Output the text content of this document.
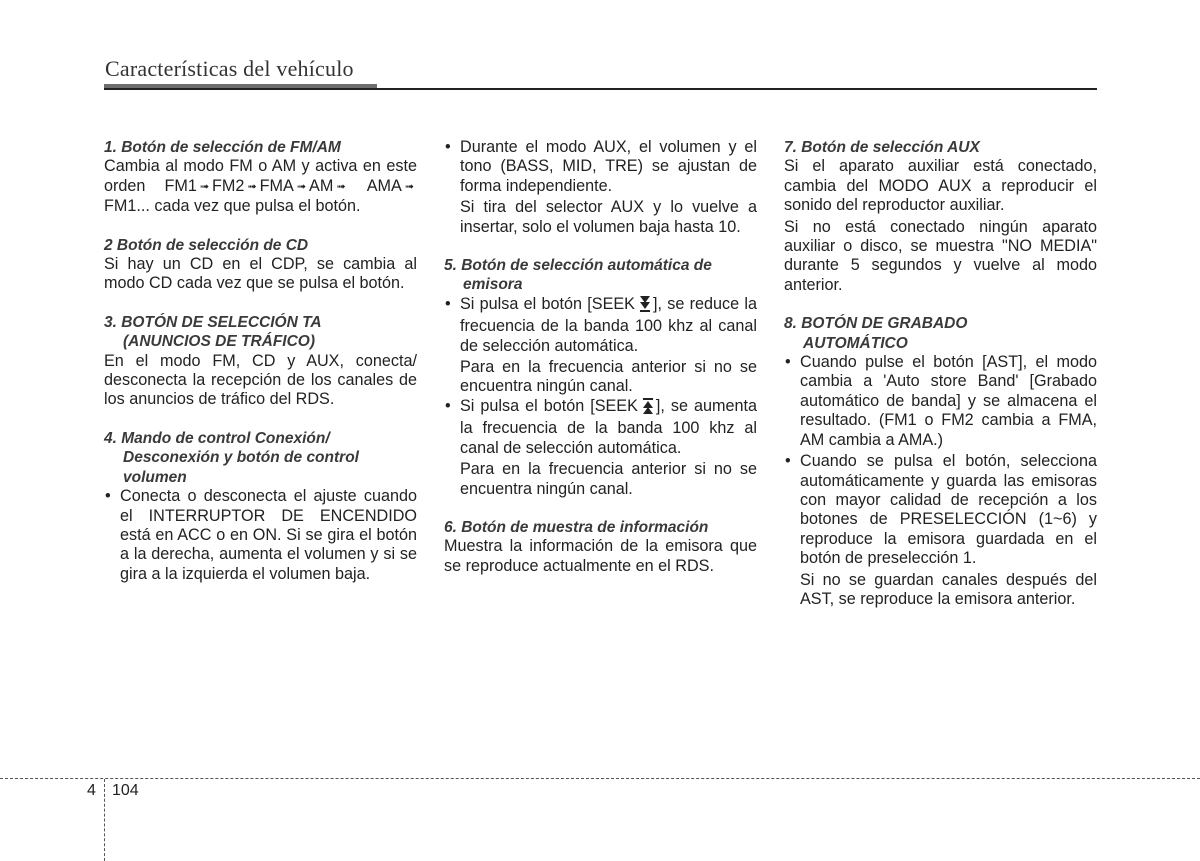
Características del vehículo
1. Botón de selección de FM/AM

Cambia al modo FM o AM y activa en este orden FM1 ➟ FM2 ➟ FMA ➟ AM ➟ AMA ➟FM1... cada vez que pulsa el botón.

2 Botón de selección de CD

Si hay un CD en el CDP, se cambia al modo CD cada vez que se pulsa el botón.

3. BOTÓN DE SELECCIÓN TA
(ANUNCIOS DE TRÁFICO)

En el modo FM, CD y AUX, conecta/ desconecta la recepción de los canales de los anuncios de tráfico del RDS.

4. Mando de control Conexión/
Desconexión y botón de control
volumen
• Conecta o desconecta el ajuste cuando el INTERRUPTOR DE ENCENDIDO está en ACC o en ON. Si se gira el botón a la derecha, aumenta el volumen y si se gira a la izquierda el volumen baja.
• Durante el modo AUX, el volumen y el tono (BASS, MID, TRE) se ajustan de forma independiente.
Si tira del selector AUX y lo vuelve a insertar, solo el volumen baja hasta 10.
5. Botón de selección automática de
emisora
• Si pulsa el botón [SEEK ], se reduce la frecuencia de la banda 100 khz al canal de selección automática.
Para en la frecuencia anterior si no se encuentra ningún canal.
• Si pulsa el botón [SEEK ], se aumenta la frecuencia de la banda 100 khz al canal de selección automática.
Para en la frecuencia anterior si no se encuentra ningún canal.
6. Botón de muestra de información

Muestra la información de la emisora que se reproduce actualmente en el RDS.

7. Botón de selección AUX

Si el aparato auxiliar está conectado, cambia del MODO AUX a reproducir el sonido del reproductor auxiliar.

Si no está conectado ningún aparato auxiliar o disco, se muestra "NO MEDIA" durante 5 segundos y vuelve al modo anterior.

8. BOTÓN DE GRABADO
AUTOMÁTICO
• Cuando pulse el botón [AST], el modo cambia a 'Auto store Band' [Grabado automático de banda] y se almacena el resultado. (FM1 o FM2 cambia a FMA, AM cambia a AMA.)
• Cuando se pulsa el botón, selecciona automáticamente y guarda las emisoras con mayor calidad de recepción a los botones de PRESELECCIÓN (1~6) y reproduce la emisora guardada en el botón de preselección 1.
Si no se guardan canales después del AST, se reproduce la emisora anterior.
4 104
